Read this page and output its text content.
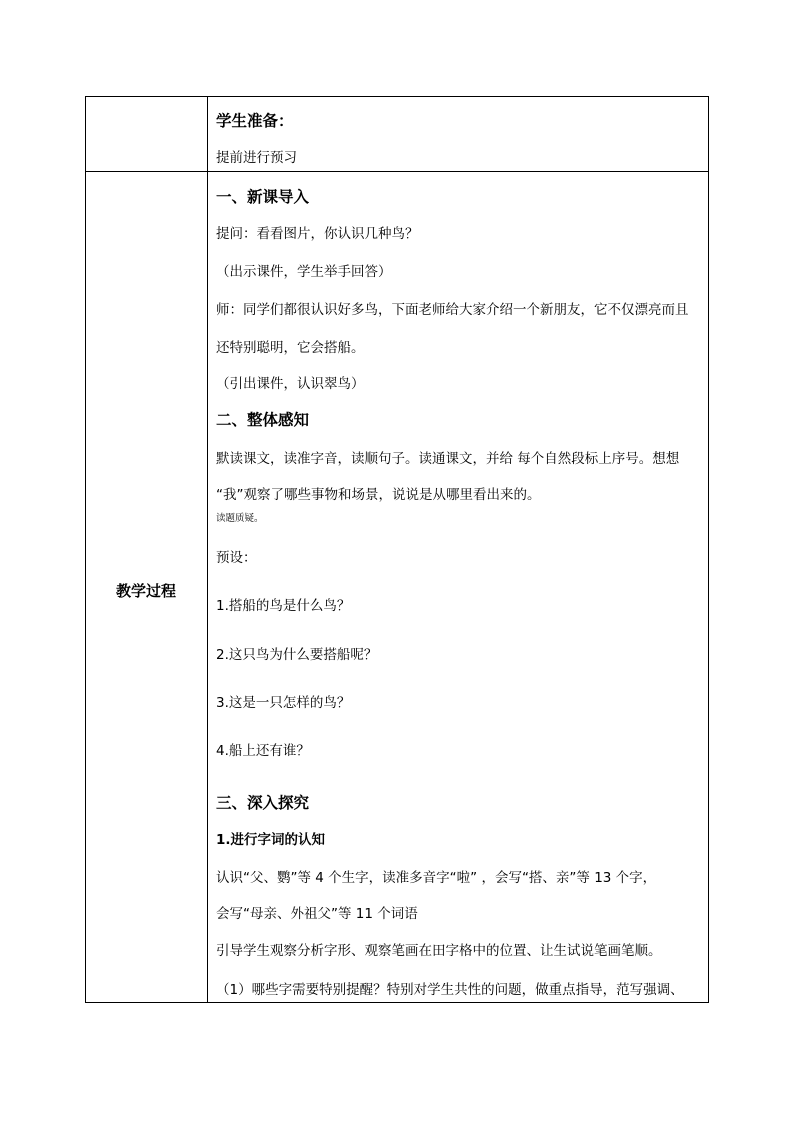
学生准备：
提前进行预习
教学过程
一、新课导入
提问：看看图片，你认识几种鸟？
（出示课件，学生举手回答）
师：同学们都很认识好多鸟，下面老师给大家介绍一个新朋友，它不仅漂亮而且
还特别聪明，它会搭船。
（引出课件，认识翠鸟）
二、整体感知
默读课文，读准字音，读顺句子。读通课文，并给 每个自然段标上序号。想想
“我”观察了哪些事物和场景，说说是从哪里看出来的。
读题质疑。
预设：
1.搭船的鸟是什么鸟？
2.这只鸟为什么要搭船呢？
3.这是一只怎样的鸟？
4.船上还有谁？
三、深入探究
1.进行字词的认知
认识“父、鹦”等 4 个生字，读准多音字“啦” ，会写“搭、亲”等 13 个字，
会写“母亲、外祖父”等 11 个词语
引导学生观察分析字形、观察笔画在田字格中的位置、让生试说笔画笔顺。
（1）哪些字需要特别提醒？特别对学生共性的问题，做重点指导，范写强调、
